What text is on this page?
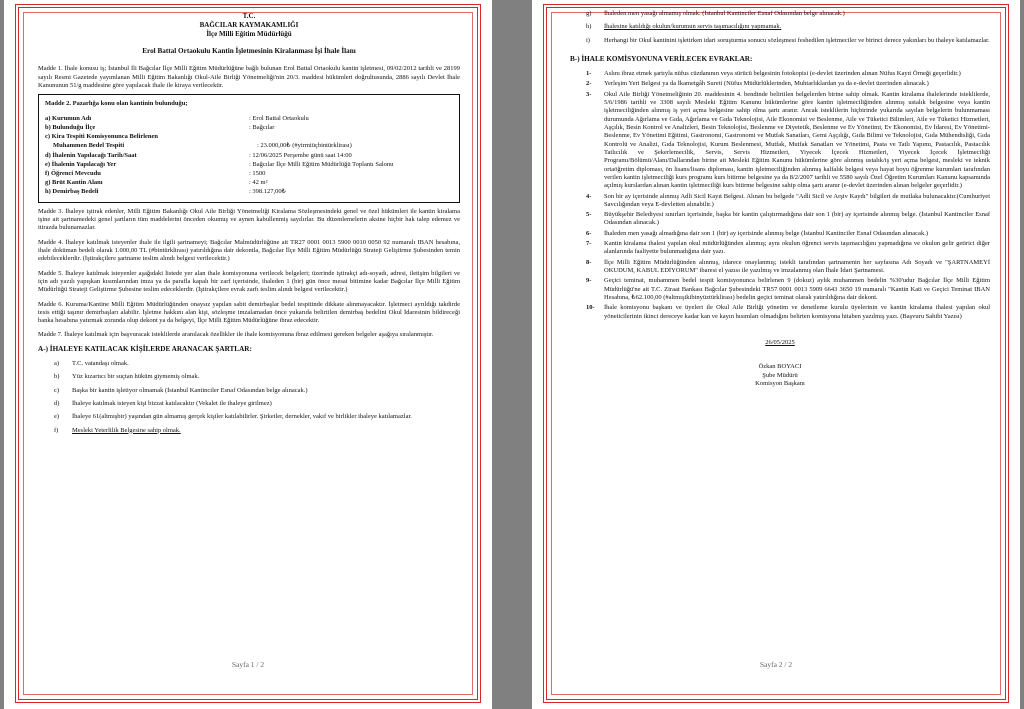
T.C.
BAĞCILAR KAYMAKAMLIĞI
İlçe Milli Eğitim Müdürlüğü
Erol Battal Ortaokulu Kantin İşletmesinin Kiralanması İşi İhale İlanı

Madde 1. İhale konusu iş; İstanbul İli Bağcılar İlçe Milli Eğitim Müdürlüğüne bağlı bulunan Erol Battal Ortaokulu kantin işletmesi, 09/02/2012 tarihli ve 28199 sayılı Resmi Gazetede yayımlanan Milli Eğitim Bakanlığı Okul-Aile Birliği Yönetmeliği'nin 20/3. maddesi hükümleri doğrultusunda, 2886 sayılı Devlet İhale Kanununun 51/g maddesine göre yapılacak ihale ile kiraya verilecektir.

Madde 2. Pazarlığa konu olan kantinin bulunduğu;
a) Kurumun Adı	: Erol Battal Ortaokulu
b) Bulunduğu İlçe	: Bağcılar
c) Kira Tespiti Komisyonunca Belirlenen
Muhammen Bedel Tespiti	: 23.000,00₺ (#yirmiüçbintürklirası)
d) İhalenin Yapılacağı Tarih/Saat	: 12/06/2025 Perşembe günü saat 14:00
e) İhalenin Yapılacağı Yer	: Bağcılar İlçe Milli Eğitim Müdürlüğü Toplantı Salonu
f) Öğrenci Mevcudu	: 1500
g) Brüt Kantin Alanı	: 42 m²
h) Demirbaş Bedeli	: 398.127,00₺

Madde 3. İhaleye iştirak edenler, Milli Eğitim Bakanlığı Okul Aile Birliği Yönetmeliği Kiralama Sözleşmesindeki genel ve özel hükümleri ile kantin kiralama işine ait şartnamedeki genel şartların tüm maddelerini önceden okumuş ve aynen kabullenmiş sayılırlar. Bu düzenlemelerin aksine hiçbir hak talep edemez ve itirazda bulunamazlar.

Madde 4. İhaleye katılmak isteyenler ihale ile ilgili şartnameyi; Bağcılar Malmüdürlüğüne ait TR27 0001 0013 5900 0010 0050 92 numaralı IBAN hesabına, ihale doküman bedeli olarak 1.000,00 TL (#bintürklirası) yatırıldığına dair dekontla, Bağcılar İlçe Milli Eğitim Müdürlüğü Strateji Geliştirme Şubesinden temin edebileceklerdir. (İştirakçilere şartname teslim alındı belgesi verilecektir.)

Madde 5. İhaleye katılmak isteyenler aşağıdaki listede yer alan ihale komisyonuna verilecek belgeleri; üzerinde iştirakçi adı-soyadı, adresi, iletişim bilgileri ve için adı yazılı yapışkan kısımlarından imza ya da parafla kapalı bir zarf içerisinde, ihaleden 1 (bir) gün önce mesai bitimine kadar Bağcılar İlçe Milli Eğitim Müdürlüğü Strateji Geliştirme Şubesine teslim edeceklerdir. (İştirakçilere evrak zarfı teslim alındı belgesi verilecektir.)

Madde 6. Kuruma/Kantine Milli Eğitim Müdürlüğünden onaysız yapılan sabit demirbaşlar bedel tespitinde dikkate alınmayacaktır. İşletmeci ayrıldığı takdirde tesis ettiği taşınır demirbaşları alabilir. İşletme hakkını alan kişi, sözleşme imzalamadan önce yukarıda belirtilen demirbaş bedelini Okul İdaresinin bildireceği banka hesabına yatırmak zorunda olup dekont ya da belgeyi, İlçe Milli Eğitim Müdürlüğüne ibraz edecektir.

Madde 7. İhaleye katılmak için başvuracak isteklilerde aranılacak özellikler ile ihale komisyonuna ibraz edilmesi gereken belgeler aşağıya sıralanmıştır.

A-) İHALEYE KATILACAK KİŞİLERDE ARANACAK ŞARTLAR:
a)	T.C. vatandaşı olmak.
b)	Yüz kızartıcı bir suçtan hüküm giymemiş olmak.
c)	Başka bir kantin işletiyor olmamak (İstanbul Kantinciler Esnaf Odasından belge alınacak.)
d)	İhaleye katılmak isteyen kişi bizzat katılacaktır (Vekalet ile ihaleye girilmez)
e)	İhaleye 61(altmışbir) yaşından gün almamış gerçek kişiler katılabilirler. Şirketler, dernekler, vakıf ve birlikler ihaleye katılamazlar.
f)	Mesleki Yeterlilik Belgesine sahip olmak.
Sayfa 1 / 2
g)	İhaleden men yasağı almamış olmak. (İstanbul Kantinciler Esnaf Odasından belge alınacak.)
h)	İhalesine katıldığı okulun/kurumun servis taşımacılığını yapmamak.
i)	Herhangi bir Okul kantinini işletirken idari soruşturma sonucu sözleşmesi feshedilen işletmeciler ve birinci derece yakınları bu ihaleye katılamazlar.
B-) İHALE KOMİSYONUNA VERİLECEK EVRAKLAR:
1-	Aslını ibraz etmek şartıyla nüfus cüzdanının veya sürücü belgesinin fotokopisi (e-devlet üzerinden alınan Nüfus Kayıt Örneği geçerlidir.)
2-	Yerleşim Yeri Belgesi ya da İkametgâh Sureti (Nüfus Müdürlüklerinden, Muhtarlıklardan ya da e-devlet üzerinden alınacak.)
3-	Okul Aile Birliği Yönetmeliğinin 20. maddesinin 4. bendinde belirtilen belgelerden birine sahip olmak. Kantin kiralama ihalelerinde isteklilerde, 5/6/1986 tarihli ve 3308 sayılı Mesleki Eğitim Kanunu hükümlerine göre kantin işletmeciliğinden alınmış ustalık belgesine veya kantin işletmeciliğinden alınmış iş yeri açma belgesine sahip olma şartı aranır. Ancak isteklilerin hiçbirinde yukarıda sayılan belgelerin bulunmaması durumunda Ağırlama ve Gıda, Ağırlama ve Gıda Teknolojisi, Aile Ekonomisi ve Beslenme, Aile ve Tüketici Bilimleri, Aile ve Tüketici Hizmetleri, Aşçılık, Besin Kontrol ve Analizleri, Besin Teknolojisi, Beslenme ve Diyetetik, Beslenme ve Ev Yönetimi, Ev Ekonomisi, Ev İdaresi, Ev Yönetimi-Beslenme, Ev Yönetimi Eğitimi, Gastronomi, Gastronomi ve Mutfak Sanatları, Gemi Aşçılığı, Gıda Bilimi ve Teknolojisi, Gıda Mühendisliği, Gıda Kontrolü ve Analizi, Gıda Teknolojisi, Kurum Beslenmesi, Mutfak, Mutfak Sanatları ve Yönetimi, Pasta ve Tatlı Yapımı, Pastacılık, Pastacılık Tatlıcılık ve Şekerlemecilik, Servis, Servis Hizmetleri, Yiyecek İçecek Hizmetleri, Yiyecek İçecek İşletmeciliği Programı/Bölümü/Alanı/Dallarından birine ait Mesleki Eğitim Kanunu hükümlerine göre alınmış ustalık/iş yeri açma belgesi, mesleki ve teknik ortaöğretim diploması, ön lisans/lisans diploması, kantin işletmeciliğinden alınmış kalfalık belgesi veya hayat boyu öğrenme kurumları tarafından verilen kantin işletmeciliği kurs programı kurs bitirme belgesine ya da 8/2/2007 tarihli ve 5580 sayılı Özel Öğretim Kurumları Kanunu kapsamında açılmış kurslardan alınan kantin işletmeciliği kurs bitirme belgesine sahip olma şartı aranır (e-devlet üzerinden alınan belgeler geçerlidir.)
4-	Son bir ay içerisinde alınmış Adli Sicil Kayıt Belgesi. Alınan bu belgede "Adli Sicil ve Arşiv Kaydı" bilgileri de mutlaka bulunacaktır.(Cumhuriyet Savcılığından veya E-devletten alınabilir.)
5-	Büyükşehir Belediyesi sınırları içerisinde, başka bir kantin çalıştırmadığına dair son 1 (bir) ay içerisinde alınmış belge. (İstanbul Kantinciler Esnaf Odasından alınacak.)
6-	İhaleden men yasağı almadığına dair son 1 (bir) ay içerisinde alınmış belge (İstanbul Kantinciler Esnaf Odasından alınacak.)
7-	Kantin kiralama ihalesi yapılan okul müdürlüğünden alınmış; aynı okulun öğrenci servis taşımacılığını yapmadığına ve okulun gelir getirici diğer alanlarında faaliyette bulunmadığına dair yazı.
8-	İlçe Milli Eğitim Müdürlüğünden alınmış, idarece onaylanmış; istekli tarafından şartnamenin her sayfasına Adı Soyadı ve "ŞARTNAMEYİ OKUDUM, KABUL EDİYORUM" ibaresi el yazısı ile yazılmış ve imzalanmış olan İhale İdari Şartnamesi.
9-	Geçici teminat, muhammen bedel tespit komisyonunca belirlenen 9 (dokuz) aylık muhammen bedelin %30'udur Bağcılar İlçe Milli Eğitim Müdürlüğü'ne ait T.C. Ziraat Bankası Bağcılar Şubesindeki TR57 0001 0013 5909 6643 3650 19 numaralı "Kantin Kati ve Geçici Teminat IBAN Hesabına, ₺62.100,00 (#altmışikibinyüztürklirası) bedelin geçici teminat olarak yatırıldığına dair dekont.
10-	İhale komisyonu başkanı ve üyeleri ile Okul Aile Birliği yönetim ve denetleme kurulu üyelerinin ve kantin kiralama ihalesi yapılan okul yöneticilerinin ikinci dereceye kadar kan ve kayın hısımları olmadığını belirten komisyona hitaben yazılmış yazı. (Başvuru Sahibi Yazısı)
26/05/2025
Özkan BOYACI
Şube Müdürü
Komisyon Başkanı
Sayfa 2 / 2
